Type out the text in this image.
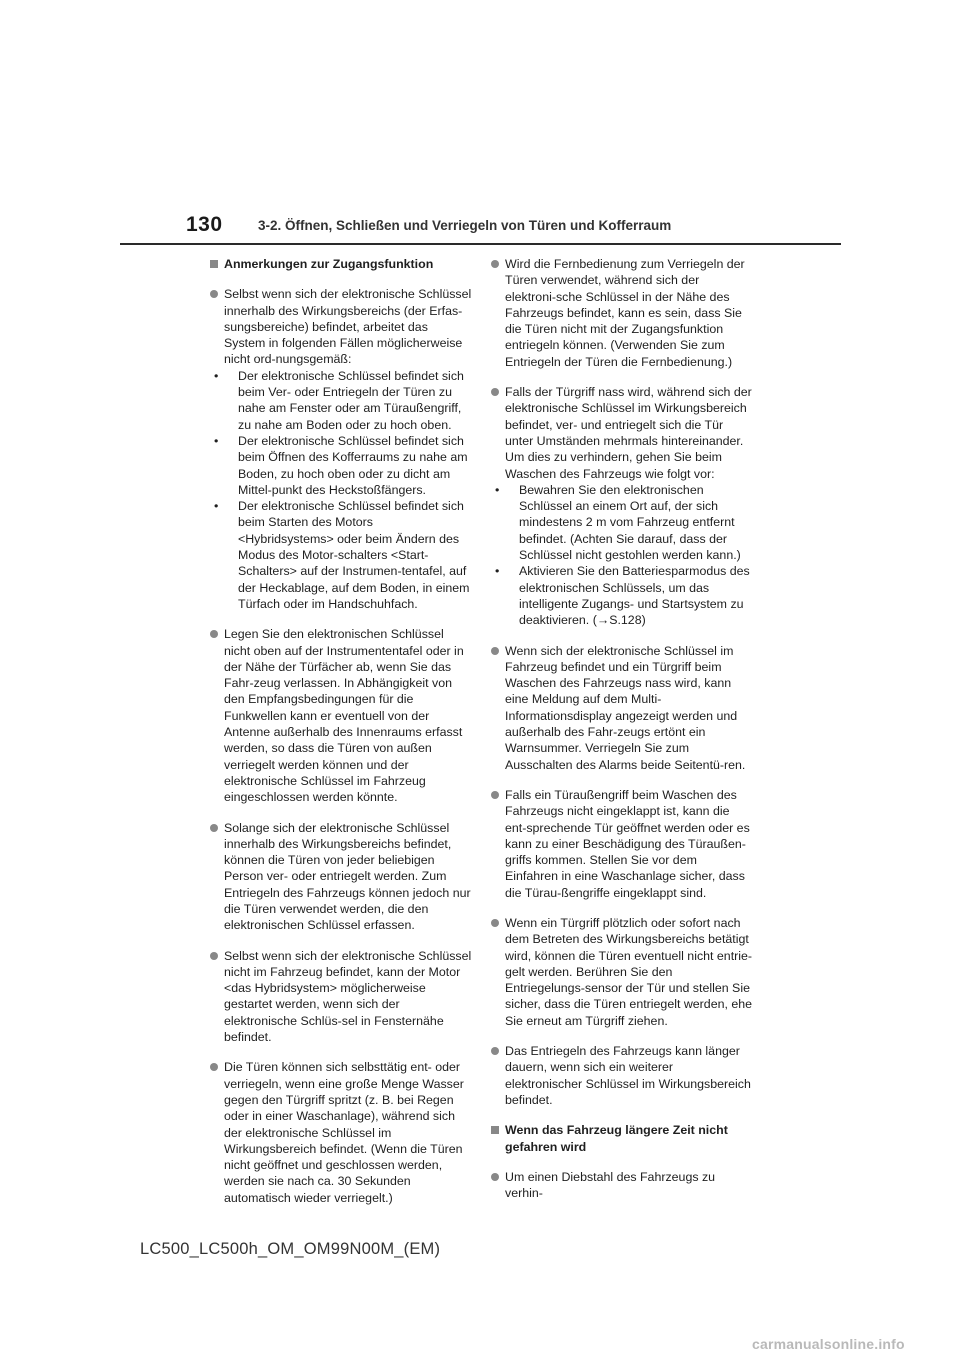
130	3-2. Öffnen, Schließen und Verriegeln von Türen und Kofferraum
Anmerkungen zur Zugangsfunktion
Selbst wenn sich der elektronische Schlüssel innerhalb des Wirkungsbereichs (der Erfas-sungsbereiche) befindet, arbeitet das System in folgenden Fällen möglicherweise nicht ord-nungsgemäß:
•	Der elektronische Schlüssel befindet sich beim Ver- oder Entriegeln der Türen zu nahe am Fenster oder am Türaußengriff, zu nahe am Boden oder zu hoch oben.
•	Der elektronische Schlüssel befindet sich beim Öffnen des Kofferraums zu nahe am Boden, zu hoch oben oder zu dicht am Mittel-punkt des Heckstoßfängers.
•	Der elektronische Schlüssel befindet sich beim Starten des Motors <Hybridsystems> oder beim Ändern des Modus des Motor-schalters <Start-Schalters> auf der Instrumen-tentafel, auf der Heckablage, auf dem Boden, in einem Türfach oder im Handschuhfach.
Legen Sie den elektronischen Schlüssel nicht oben auf der Instrumententafel oder in der Nähe der Türfächer ab, wenn Sie das Fahr-zeug verlassen. In Abhängigkeit von den Empfangsbedingungen für die Funkwellen kann er eventuell von der Antenne außerhalb des Innenraums erfasst werden, so dass die Türen von außen verriegelt werden können und der elektronische Schlüssel im Fahrzeug eingeschlossen werden könnte.
Solange sich der elektronische Schlüssel innerhalb des Wirkungsbereichs befindet, können die Türen von jeder beliebigen Person ver- oder entriegelt werden. Zum Entriegeln des Fahrzeugs können jedoch nur die Türen verwendet werden, die den elektronischen Schlüssel erfassen.
Selbst wenn sich der elektronische Schlüssel nicht im Fahrzeug befindet, kann der Motor <das Hybridsystem> möglicherweise gestartet werden, wenn sich der elektronische Schlüs-sel in Fensternähe befindet.
Die Türen können sich selbsttätig ent- oder verriegeln, wenn eine große Menge Wasser gegen den Türgriff spritzt (z. B. bei Regen oder in einer Waschanlage), während sich der elektronische Schlüssel im Wirkungsbereich befindet. (Wenn die Türen nicht geöffnet und geschlossen werden, werden sie nach ca. 30 Sekunden automatisch wieder verriegelt.)
Wird die Fernbedienung zum Verriegeln der Türen verwendet, während sich der elektroni-sche Schlüssel in der Nähe des Fahrzeugs befindet, kann es sein, dass Sie die Türen nicht mit der Zugangsfunktion entriegeln können. (Verwenden Sie zum Entriegeln der Türen die Fernbedienung.)
Falls der Türgriff nass wird, während sich der elektronische Schlüssel im Wirkungsbereich befindet, ver- und entriegelt sich die Tür unter Umständen mehrmals hintereinander. Um dies zu verhindern, gehen Sie beim Waschen des Fahrzeugs wie folgt vor:
•	Bewahren Sie den elektronischen Schlüssel an einem Ort auf, der sich mindestens 2 m vom Fahrzeug entfernt befindet. (Achten Sie darauf, dass der Schlüssel nicht gestohlen werden kann.)
•	Aktivieren Sie den Batteriesparmodus des elektronischen Schlüssels, um das intelligente Zugangs- und Startsystem zu deaktivieren. (→S.128)
Wenn sich der elektronische Schlüssel im Fahrzeug befindet und ein Türgriff beim Waschen des Fahrzeugs nass wird, kann eine Meldung auf dem Multi-Informationsdisplay angezeigt werden und außerhalb des Fahr-zeugs ertönt ein Warnsummer. Verriegeln Sie zum Ausschalten des Alarms beide Seitentü-ren.
Falls ein Türaußengriff beim Waschen des Fahrzeugs nicht eingeklappt ist, kann die ent-sprechende Tür geöffnet werden oder es kann zu einer Beschädigung des Türaußen-griffs kommen. Stellen Sie vor dem Einfahren in eine Waschanlage sicher, dass die Türau-ßengriffe eingeklappt sind.
Wenn ein Türgriff plötzlich oder sofort nach dem Betreten des Wirkungsbereichs betätigt wird, können die Türen eventuell nicht entrie-gelt werden. Berühren Sie den Entriegelungs-sensor der Tür und stellen Sie sicher, dass die Türen entriegelt werden, ehe Sie erneut am Türgriff ziehen.
Das Entriegeln des Fahrzeugs kann länger dauern, wenn sich ein weiterer elektronischer Schlüssel im Wirkungsbereich befindet.
Wenn das Fahrzeug längere Zeit nicht gefahren wird
Um einen Diebstahl des Fahrzeugs zu verhin-
LC500_LC500h_OM_OM99N00M_(EM)
carmanualsonline.info
